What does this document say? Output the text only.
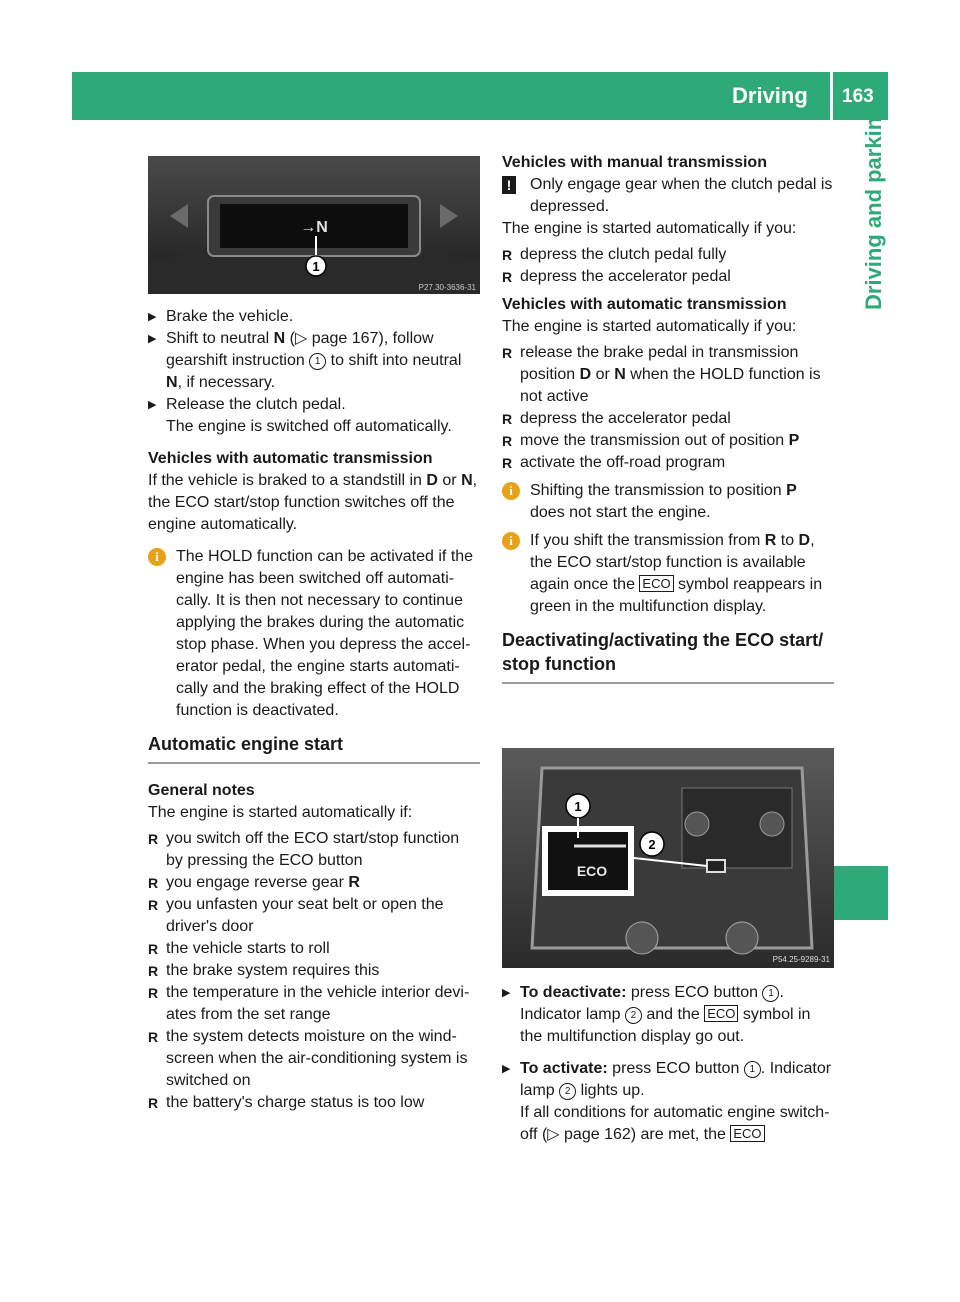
Driving	163
Driving and parking
→N
1
P27.30-3636-31

▶ Brake the vehicle.

▶ Shift to neutral N (▷ page 167), follow gearshift instruction 1 to shift into neutral N, if necessary.

▶ Release the clutch pedal.
The engine is switched off automatically.

Vehicles with automatic transmission

If the vehicle is braked to a standstill in D or N, the ECO start/stop function switches off the engine automatically.

i	The HOLD function can be activated if the engine has been switched off automatically. It is then not necessary to continue applying the brakes during the automatic stop phase. When you depress the accelerator pedal, the engine starts automatically and the braking effect of the HOLD function is deactivated.

Automatic engine start

General notes

The engine is started automatically if:

R you switch off the ECO start/stop function by pressing the ECO button

R you engage reverse gear R

R you unfasten your seat belt or open the driver's door

R the vehicle starts to roll

R the brake system requires this

R the temperature in the vehicle interior deviates from the set range

R the system detects moisture on the windscreen when the air-conditioning system is switched on

R the battery's charge status is too low

Vehicles with manual transmission

! Only engage gear when the clutch pedal is depressed.

The engine is started automatically if you:

R depress the clutch pedal fully

R depress the accelerator pedal

Vehicles with automatic transmission

The engine is started automatically if you:

R release the brake pedal in transmission position D or N when the HOLD function is not active

R depress the accelerator pedal

R move the transmission out of position P

R activate the off-road program

i	Shifting the transmission to position P does not start the engine.

i	If you shift the transmission from R to D, the ECO start/stop function is available again once the ECO symbol reappears in green in the multifunction display.

Deactivating/activating the ECO start/ stop function

ECO
1
2
P54.25-9289-31

▶ To deactivate: press ECO button 1 . Indicator lamp 2 and the ECO symbol in the multifunction display go out.

▶ To activate: press ECO button 1 . Indicator lamp 2 lights up.
If all conditions for automatic engine switch-off (▷ page 162) are met, the ECO
